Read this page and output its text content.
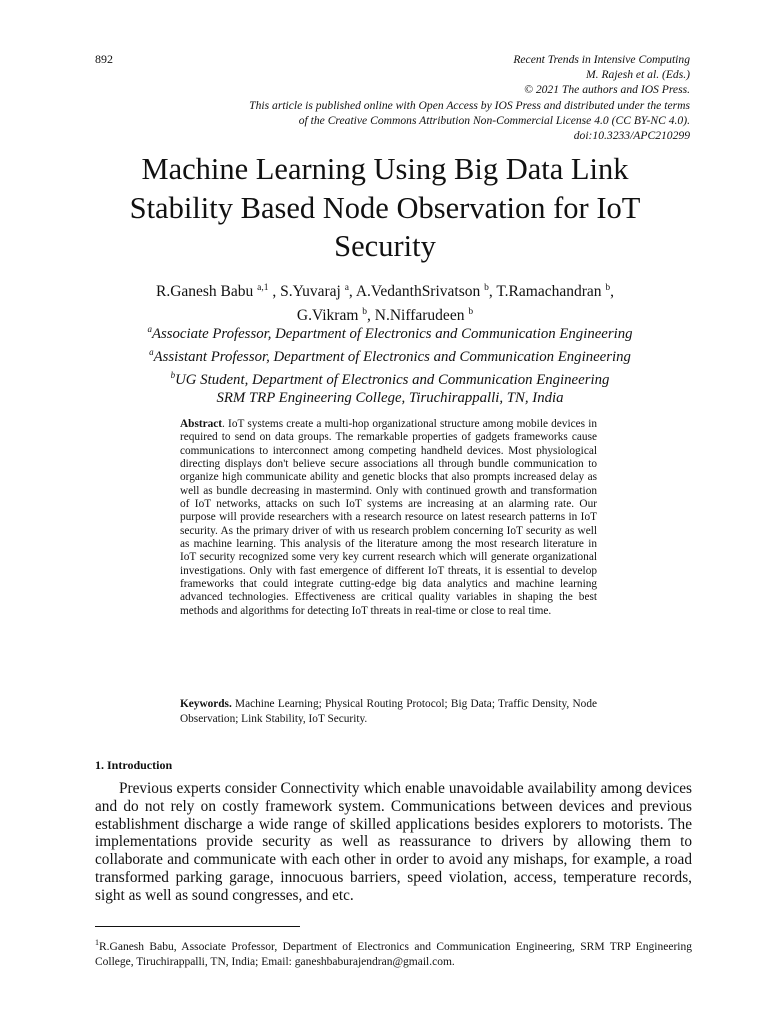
892	Recent Trends in Intensive Computing
M. Rajesh et al. (Eds.)
© 2021 The authors and IOS Press.
This article is published online with Open Access by IOS Press and distributed under the terms
of the Creative Commons Attribution Non-Commercial License 4.0 (CC BY-NC 4.0).
doi:10.3233/APC210299
Machine Learning Using Big Data Link Stability Based Node Observation for IoT Security
R.Ganesh Babu $^{a,1}$ , S.Yuvaraj $^a$, A.VedanthSrivatson $^b$, T.Ramachandran $^b$,
G.Vikram $^b$, N.Niffarudeen $^b$
$^a$Associate Professor, Department of Electronics and Communication Engineering
$^a$Assistant Professor, Department of Electronics and Communication Engineering
$^b$UG Student, Department of Electronics and Communication Engineering
SRM TRP Engineering College, Tiruchirappalli, TN, India
Abstract. IoT systems create a multi-hop organizational structure among mobile devices in required to send on data groups. The remarkable properties of gadgets frameworks cause communications to interconnect among competing handheld devices. Most physiological directing displays don't believe secure associations all through bundle communication to organize high communicate ability and genetic blocks that also prompts increased delay as well as bundle decreasing in mastermind. Only with continued growth and transformation of IoT networks, attacks on such IoT systems are increasing at an alarming rate. Our purpose will provide researchers with a research resource on latest research patterns in IoT security. As the primary driver of with us research problem concerning IoT security as well as machine learning. This analysis of the literature among the most research literature in IoT security recognized some very key current research which will generate organizational investigations. Only with fast emergence of different IoT threats, it is essential to develop frameworks that could integrate cutting-edge big data analytics and machine learning advanced technologies. Effectiveness are critical quality variables in shaping the best methods and algorithms for detecting IoT threats in real-time or close to real time.
Keywords. Machine Learning; Physical Routing Protocol; Big Data; Traffic Density, Node Observation; Link Stability, IoT Security.
1. Introduction
Previous experts consider Connectivity which enable unavoidable availability among devices and do not rely on costly framework system. Communications between devices and previous establishment discharge a wide range of skilled applications besides explorers to motorists. The implementations provide security as well as reassurance to drivers by allowing them to collaborate and communicate with each other in order to avoid any mishaps, for example, a road transformed parking garage, innocuous barriers, speed violation, access, temperature records, sight as well as sound congresses, and etc.
$^1$R.Ganesh Babu, Associate Professor, Department of Electronics and Communication Engineering, SRM TRP Engineering College, Tiruchirappalli, TN, India; Email: ganeshbaburajendran@gmail.com.
